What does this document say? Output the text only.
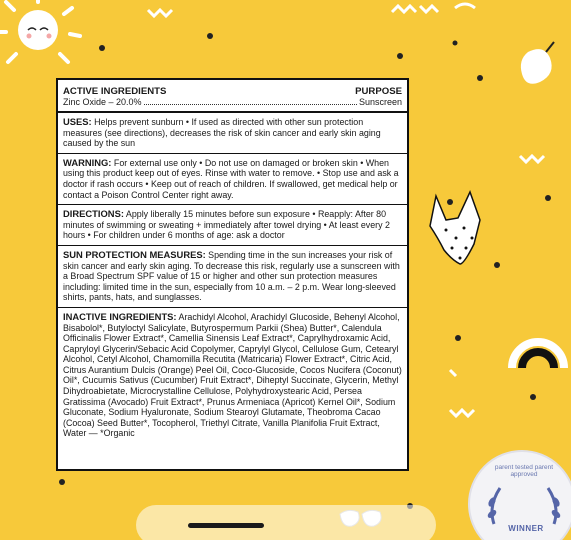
parent tested parent approved
WINNER
ACTIVE INGREDIENTS	PURPOSE
Zinc Oxide – 20.0%	Sunscreen

USES: Helps prevent sunburn • If used as directed with other sun protection measures (see directions), decreases the risk of skin cancer and early skin aging caused by the sun

WARNING: For external use only • Do not use on damaged or broken skin • When using this product keep out of eyes. Rinse with water to remove. • Stop use and ask a doctor if rash occurs • Keep out of reach of children. If swallowed, get medical help or contact a Poison Control Center right away.

DIRECTIONS: Apply liberally 15 minutes before sun exposure • Reapply: After 80 minutes of swimming or sweating + immediately after towel drying • At least every 2 hours • For children under 6 months of age: ask a doctor

SUN PROTECTION MEASURES: Spending time in the sun increases your risk of skin cancer and early skin aging. To decrease this risk, regularly use a sunscreen with a Broad Spectrum SPF value of 15 or higher and other sun protection measures including: limited time in the sun, especially from 10 a.m. – 2 p.m. Wear long-sleeved shirts, pants, hats, and sunglasses.

INACTIVE INGREDIENTS: Arachidyl Alcohol, Arachidyl Glucoside, Behenyl Alcohol, Bisabolol*, Butyloctyl Salicylate, Butyrospermum Parkii (Shea) Butter*, Calendula Officinalis Flower Extract*, Camellia Sinensis Leaf Extract*, Caprylhydroxamic Acid, Capryloyl Glycerin/Sebacic Acid Copolymer, Caprylyl Glycol, Cellulose Gum, Cetearyl Alcohol, Cetyl Alcohol, Chamomilla Recutita (Matricaria) Flower Extract*, Citric Acid, Citrus Aurantium Dulcis (Orange) Peel Oil, Coco-Glucoside, Cocos Nucifera (Coconut) Oil*, Cucumis Sativus (Cucumber) Fruit Extract*, Diheptyl Succinate, Glycerin, Methyl Dihydroabietate, Microcrystalline Cellulose, Polyhydroxystearic Acid, Persea Gratissima (Avocado) Fruit Extract*, Prunus Armeniaca (Apricot) Kernel Oil*, Sodium Gluconate, Sodium Hyaluronate, Sodium Stearoyl Glutamate, Theobroma Cacao (Cocoa) Seed Butter*, Tocopherol, Triethyl Citrate, Vanilla Planifolia Fruit Extract, Water — *Organic
